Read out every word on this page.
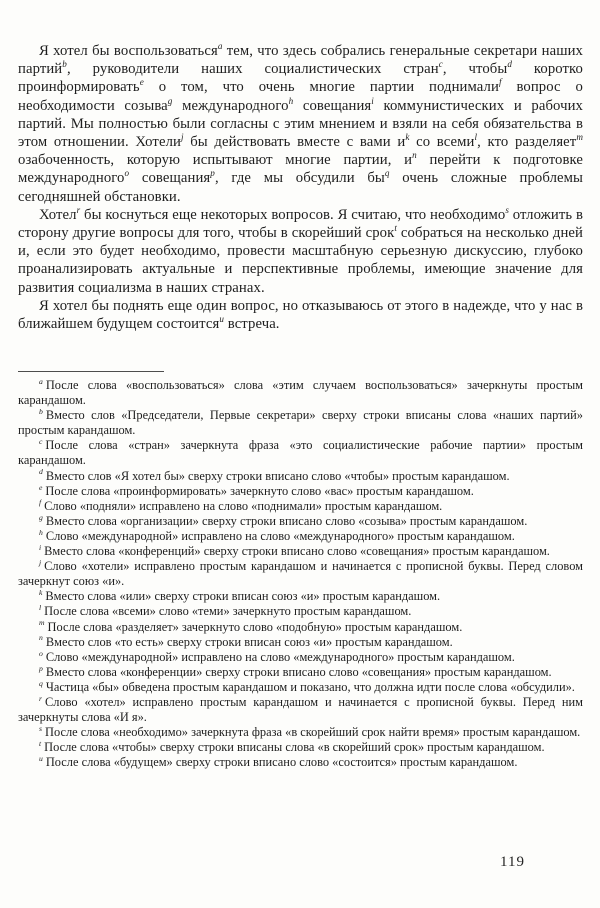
Я хотел бы воспользоваться$^a$ тем, что здесь собрались генеральные секретари наших партий$^b$, руководители наших социалистических стран$^c$, чтобы$^d$ коротко проинформировать$^e$ о том, что очень многие партии поднимали$^f$ вопрос о необходимости созыва$^g$ международного$^h$ совещания$^i$ коммунистических и рабочих партий. Мы полностью были согласны с этим мнением и взяли на себя обязательства в этом отношении. Хотели$^j$ бы действовать вместе с вами и$^k$ со всеми$^l$, кто разделяет$^m$ озабоченность, которую испытывают многие партии, и$^n$ перейти к подготовке международного$^o$ совещания$^p$, где мы обсудили бы$^q$ очень сложные проблемы сегодняшней обстановки.

Хотел$^r$ бы коснуться еще некоторых вопросов. Я считаю, что необходимо$^s$ отложить в сторону другие вопросы для того, чтобы в скорейший срок$^t$ собраться на несколько дней и, если это будет необходимо, провести масштабную серьезную дискуссию, глубоко проанализировать актуальные и перспективные проблемы, имеющие значение для развития социализма в наших странах.

Я хотел бы поднять еще один вопрос, но отказываюсь от этого в надежде, что у нас в ближайшем будущем состоится$^u$ встреча.

$^a$ После слова «воспользоваться» слова «этим случаем воспользоваться» зачеркнуты простым карандашом.

$^b$ Вместо слов «Председатели, Первые секретари» сверху строки вписаны слова «наших партий» простым карандашом.

$^c$ После слова «стран» зачеркнута фраза «это социалистические рабочие партии» простым карандашом.

$^d$ Вместо слов «Я хотел бы» сверху строки вписано слово «чтобы» простым карандашом.

$^e$ После слова «проинформировать» зачеркнуто слово «вас» простым карандашом.

$^f$ Слово «подняли» исправлено на слово «поднимали» простым карандашом.

$^g$ Вместо слова «организации» сверху строки вписано слово «созыва» простым карандашом.

$^h$ Слово «международной» исправлено на слово «международного» простым карандашом.

$^i$ Вместо слова «конференций» сверху строки вписано слово «совещания» простым карандашом.

$^j$ Слово «хотели» исправлено простым карандашом и начинается с прописной буквы. Перед словом зачеркнут союз «и».

$^k$ Вместо слова «или» сверху строки вписан союз «и» простым карандашом.

$^l$ После слова «всеми» слово «теми» зачеркнуто простым карандашом.

$^m$ После слова «разделяет» зачеркнуто слово «подобную» простым карандашом.

$^n$ Вместо слов «то есть» сверху строки вписан союз «и» простым карандашом.

$^o$ Слово «международной» исправлено на слово «международного» простым карандашом.

$^p$ Вместо слова «конференции» сверху строки вписано слово «совещания» простым карандашом.

$^q$ Частица «бы» обведена простым карандашом и показано, что должна идти после слова «обсудили».

$^r$ Слово «хотел» исправлено простым карандашом и начинается с прописной буквы. Перед ним зачеркнуты слова «И я».

$^s$ После слова «необходимо» зачеркнута фраза «в скорейший срок найти время» простым карандашом.

$^t$ После слова «чтобы» сверху строки вписаны слова «в скорейший срок» простым карандашом.

$^u$ После слова «будущем» сверху строки вписано слово «состоится» простым карандашом.

119
